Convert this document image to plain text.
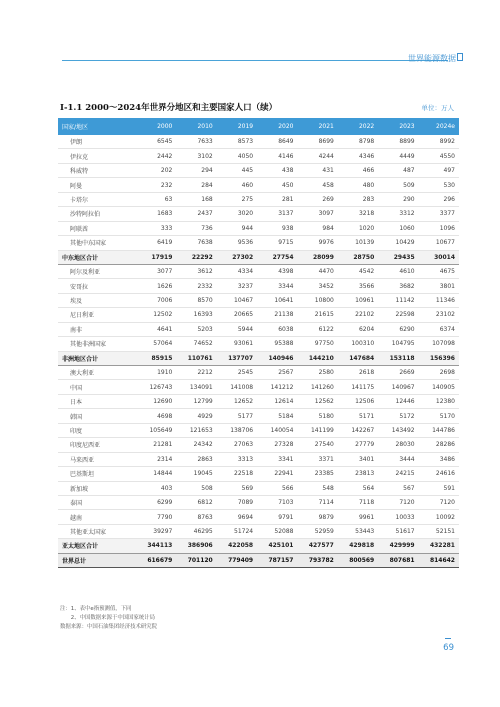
世界能源数据
I-1.1 2000～2024年世界分地区和主要国家人口（续）	单位：万人
国家/地区	2000	2010	2019	2020	2021	2022	2023	2024e
伊朗	6545	7633	8573	8649	8699	8798	8899	8992
伊拉克	2442	3102	4050	4146	4244	4346	4449	4550
科威特	202	294	445	438	431	466	487	497
阿曼	232	284	460	450	458	480	509	530
卡塔尔	63	168	275	281	269	283	290	296
沙特阿拉伯	1683	2437	3020	3137	3097	3218	3312	3377
阿联酋	333	736	944	938	984	1020	1060	1096
其他中东国家	6419	7638	9536	9715	9976	10139	10429	10677
中东地区合计	17919	22292	27302	27754	28099	28750	29435	30014
阿尔及利亚	3077	3612	4334	4398	4470	4542	4610	4675
安哥拉	1626	2332	3237	3344	3452	3566	3682	3801
埃及	7006	8570	10467	10641	10800	10961	11142	11346
尼日利亚	12502	16393	20665	21138	21615	22102	22598	23102
南非	4641	5203	5944	6038	6122	6204	6290	6374
其他非洲国家	57064	74652	93061	95388	97750	100310	104795	107098
非洲地区合计	85915	110761	137707	140946	144210	147684	153118	156396
澳大利亚	1910	2212	2545	2567	2580	2618	2669	2698
中国	126743	134091	141008	141212	141260	141175	140967	140905
日本	12690	12799	12652	12614	12562	12506	12446	12380
韩国	4698	4929	5177	5184	5180	5171	5172	5170
印度	105649	121653	138706	140054	141199	142267	143492	144786
印度尼西亚	21281	24342	27063	27328	27540	27779	28030	28286
马来西亚	2314	2863	3313	3341	3371	3401	3444	3486
巴基斯坦	14844	19045	22518	22941	23385	23813	24215	24616
新加坡	403	508	569	566	548	564	567	591
泰国	6299	6812	7089	7103	7114	7118	7120	7120
越南	7790	8763	9694	9791	9879	9961	10033	10092
其他亚太国家	39297	46295	51724	52088	52959	53443	51617	52151
亚太地区合计	344113	386906	422058	425101	427577	429818	429999	432281
世界总计	616679	701120	779409	787157	793782	800569	807681	814642
注：1、表中e指预测值，下同
　　2、中国数据来源于中国国家统计局
数据来源：中国石油集团经济技术研究院
69
